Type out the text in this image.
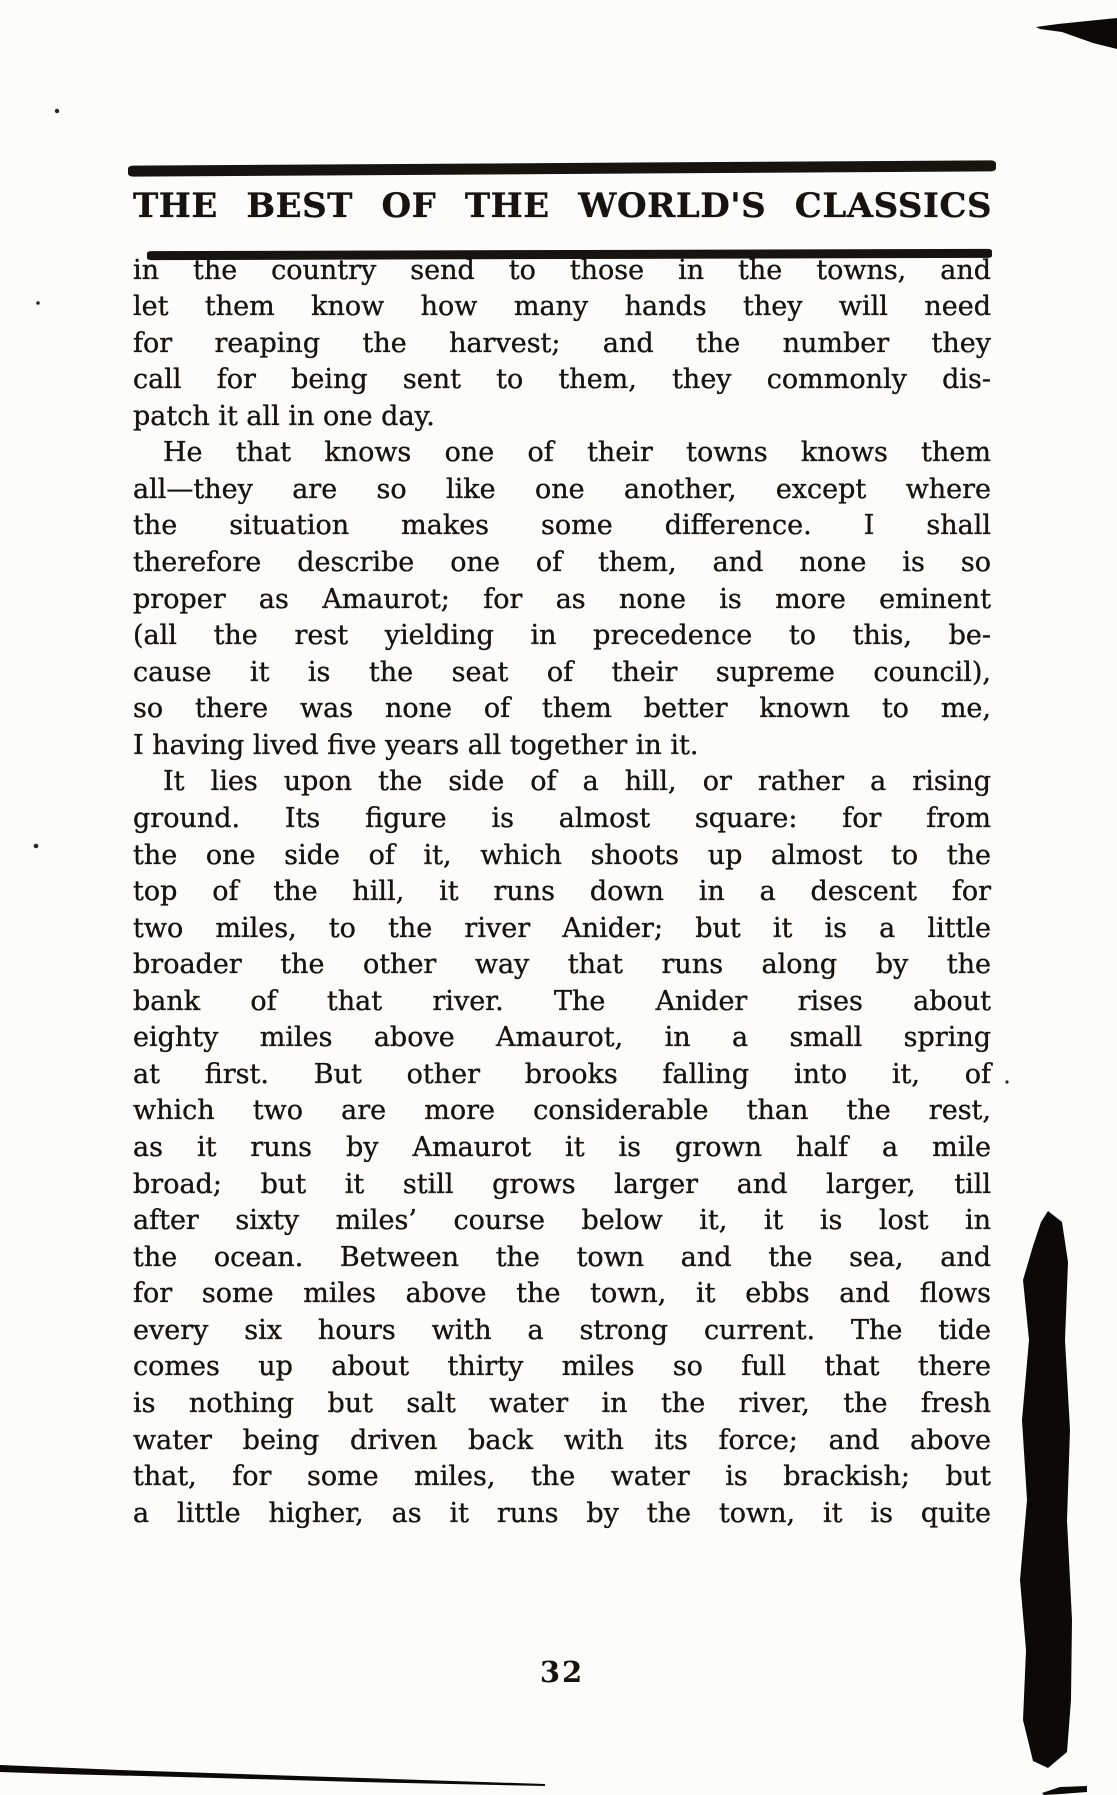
THE BEST OF THE WORLD'S CLASSICS
in the country send to those in the towns, and
let them know how many hands they will need
for reaping the harvest; and the number they
call for being sent to them, they commonly dis-
patch it all in one day.
He that knows one of their towns knows them
all—they are so like one another, except where
the situation makes some difference. I shall
therefore describe one of them, and none is so
proper as Amaurot; for as none is more eminent
(all the rest yielding in precedence to this, be-
cause it is the seat of their supreme council),
so there was none of them better known to me,
I having lived five years all together in it.
It lies upon the side of a hill, or rather a rising
ground. Its figure is almost square: for from
the one side of it, which shoots up almost to the
top of the hill, it runs down in a descent for
two miles, to the river Anider; but it is a little
broader the other way that runs along by the
bank of that river. The Anider rises about
eighty miles above Amaurot, in a small spring
at first. But other brooks falling into it, of
which two are more considerable than the rest,
as it runs by Amaurot it is grown half a mile
broad; but it still grows larger and larger, till
after sixty miles’ course below it, it is lost in
the ocean. Between the town and the sea, and
for some miles above the town, it ebbs and flows
every six hours with a strong current. The tide
comes up about thirty miles so full that there
is nothing but salt water in the river, the fresh
water being driven back with its force; and above
that, for some miles, the water is brackish; but
a little higher, as it runs by the town, it is quite
32
